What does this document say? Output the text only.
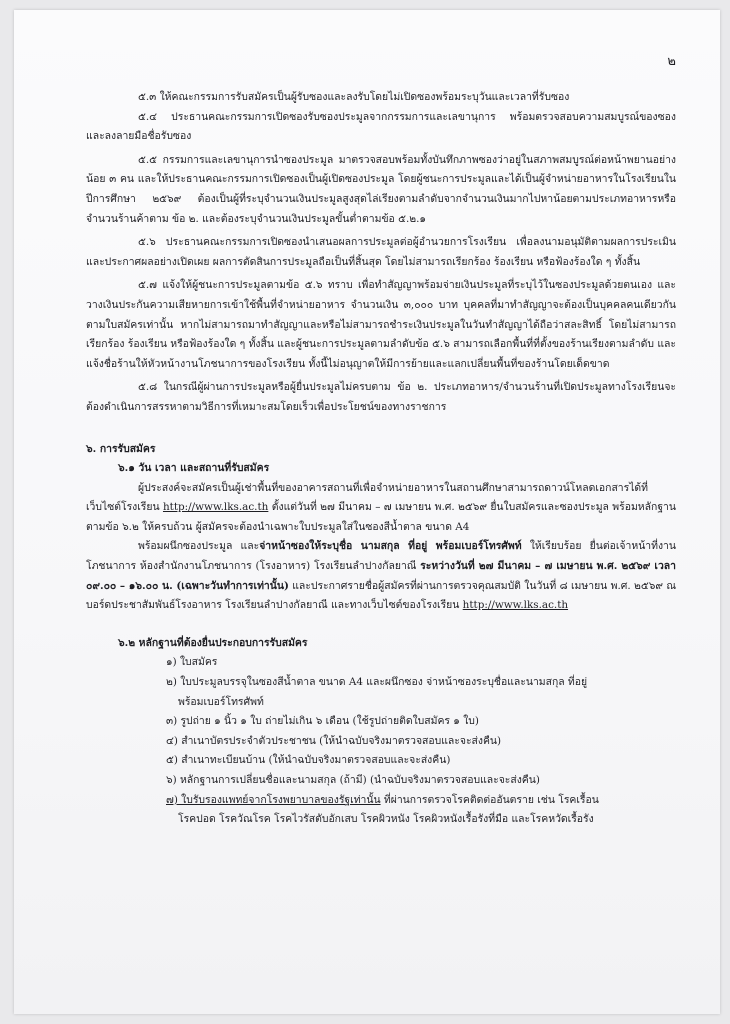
๒

๕.๓ ให้คณะกรรมการรับสมัครเป็นผู้รับซองและลงรับโดยไม่เปิดซองพร้อมระบุวันและเวลาที่รับซอง

๕.๔ ประธานคณะกรรมการเปิดซองรับซองประมูลจากกรรมการและเลขานุการ พร้อมตรวจสอบความสมบูรณ์ของซอง และลงลายมือชื่อรับซอง

๕.๕ กรรมการและเลขานุการนำซองประมูล มาตรวจสอบพร้อมทั้งบันทึกภาพซองว่าอยู่ในสภาพสมบูรณ์ต่อหน้าพยานอย่างน้อย ๓ คน และให้ประธานคณะกรรมการเปิดซองเป็นผู้เปิดซองประมูล โดยผู้ชนะการประมูลและได้เป็นผู้จำหน่ายอาหารในโรงเรียนในปีการศึกษา ๒๕๖๙ ต้องเป็นผู้ที่ระบุจำนวนเงินประมูลสูงสุดไล่เรียงตามลำดับจากจำนวนเงินมากไปหาน้อยตามประเภทอาหารหรือจำนวนร้านค้าตาม ข้อ ๒. และต้องระบุจำนวนเงินประมูลขั้นต่ำตามข้อ ๕.๒.๑

๕.๖ ประธานคณะกรรมการเปิดซองนำเสนอผลการประมูลต่อผู้อำนวยการโรงเรียน เพื่อลงนามอนุมัติตามผลการประเมินและประกาศผลอย่างเปิดเผย ผลการตัดสินการประมูลถือเป็นที่สิ้นสุด โดยไม่สามารถเรียกร้อง ร้องเรียน หรือฟ้องร้องใด ๆ ทั้งสิ้น

๕.๗ แจ้งให้ผู้ชนะการประมูลตามข้อ ๕.๖ ทราบ เพื่อทำสัญญาพร้อมจ่ายเงินประมูลที่ระบุไว้ในซองประมูลด้วยตนเอง และวางเงินประกันความเสียหายการเข้าใช้พื้นที่จำหน่ายอาหาร จำนวนเงิน ๓,๐๐๐ บาท บุคคลที่มาทำสัญญาจะต้องเป็นบุคคลคนเดียวกันตามใบสมัครเท่านั้น หากไม่สามารถมาทำสัญญาและหรือไม่สามารถชำระเงินประมูลในวันทำสัญญาได้ถือว่าสละสิทธิ์ โดยไม่สามารถเรียกร้อง ร้องเรียน หรือฟ้องร้องใด ๆ ทั้งสิ้น และผู้ชนะการประมูลตามลำดับข้อ ๕.๖ สามารถเลือกพื้นที่ที่ตั้งของร้านเรียงตามลำดับ และแจ้งชื่อร้านให้หัวหน้างานโภชนาการของโรงเรียน ทั้งนี้ไม่อนุญาตให้มีการย้ายและแลกเปลี่ยนพื้นที่ของร้านโดยเด็ดขาด

๕.๘ ในกรณีผู้ผ่านการประมูลหรือผู้ยื่นประมูลไม่ครบตาม ข้อ ๒. ประเภทอาหาร/จำนวนร้านที่เปิดประมูลทางโรงเรียนจะต้องดำเนินการสรรหาตามวิธีการที่เหมาะสมโดยเร็วเพื่อประโยชน์ของทางราชการ

๖. การรับสมัคร

๖.๑ วัน เวลา และสถานที่รับสมัคร

ผู้ประสงค์จะสมัครเป็นผู้เช่าพื้นที่ของอาคารสถานที่เพื่อจำหน่ายอาหารในสถานศึกษาสามารถดาวน์โหลดเอกสารได้ที่เว็บไซต์โรงเรียน http://www.lks.ac.th ตั้งแต่วันที่ ๒๗ มีนาคม – ๗ เมษายน พ.ศ. ๒๕๖๙ ยื่นใบสมัครและซองประมูล พร้อมหลักฐานตามข้อ ๖.๒ ให้ครบถ้วน ผู้สมัครจะต้องนำเฉพาะใบประมูลใส่ในซองสีน้ำตาล ขนาด A4

พร้อมผนึกซองประมูล และจ่าหน้าซองให้ระบุชื่อ นามสกุล ที่อยู่ พร้อมเบอร์โทรศัพท์ ให้เรียบร้อย ยื่นต่อเจ้าหน้าที่งานโภชนาการ ห้องสำนักงานโภชนาการ (โรงอาหาร) โรงเรียนลำปางกัลยาณี ระหว่างวันที่ ๒๗ มีนาคม – ๗ เมษายน พ.ศ. ๒๕๖๙ เวลา ๐๙.๐๐ – ๑๖.๐๐ น. (เฉพาะวันทำการเท่านั้น) และประกาศรายชื่อผู้สมัครที่ผ่านการตรวจคุณสมบัติ ในวันที่ ๘ เมษายน พ.ศ. ๒๕๖๙ ณ บอร์ดประชาสัมพันธ์โรงอาหาร โรงเรียนลำปางกัลยาณี และทางเว็บไซต์ของโรงเรียน http://www.lks.ac.th

๖.๒ หลักฐานที่ต้องยื่นประกอบการรับสมัคร

๑) ใบสมัคร

๒) ใบประมูลบรรจุในซองสีน้ำตาล ขนาด A4 และผนึกซอง จ่าหน้าซองระบุชื่อและนามสกุล ที่อยู่

พร้อมเบอร์โทรศัพท์

๓) รูปถ่าย ๑ นิ้ว ๑ ใบ ถ่ายไม่เกิน ๖ เดือน (ใช้รูปถ่ายติดใบสมัคร ๑ ใบ)

๔) สำเนาบัตรประจำตัวประชาชน (ให้นำฉบับจริงมาตรวจสอบและจะส่งคืน)

๕) สำเนาทะเบียนบ้าน (ให้นำฉบับจริงมาตรวจสอบและจะส่งคืน)

๖) หลักฐานการเปลี่ยนชื่อและนามสกุล (ถ้ามี) (นำฉบับจริงมาตรวจสอบและจะส่งคืน)

๗) ใบรับรองแพทย์จากโรงพยาบาลของรัฐเท่านั้น ที่ผ่านการตรวจโรคติดต่ออันตราย เช่น โรคเรื้อน

โรคปอด โรควัณโรค โรคไวรัสตับอักเสบ โรคผิวหนัง โรคผิวหนังเรื้อรังที่มือ และโรคหวัดเรื้อรัง
